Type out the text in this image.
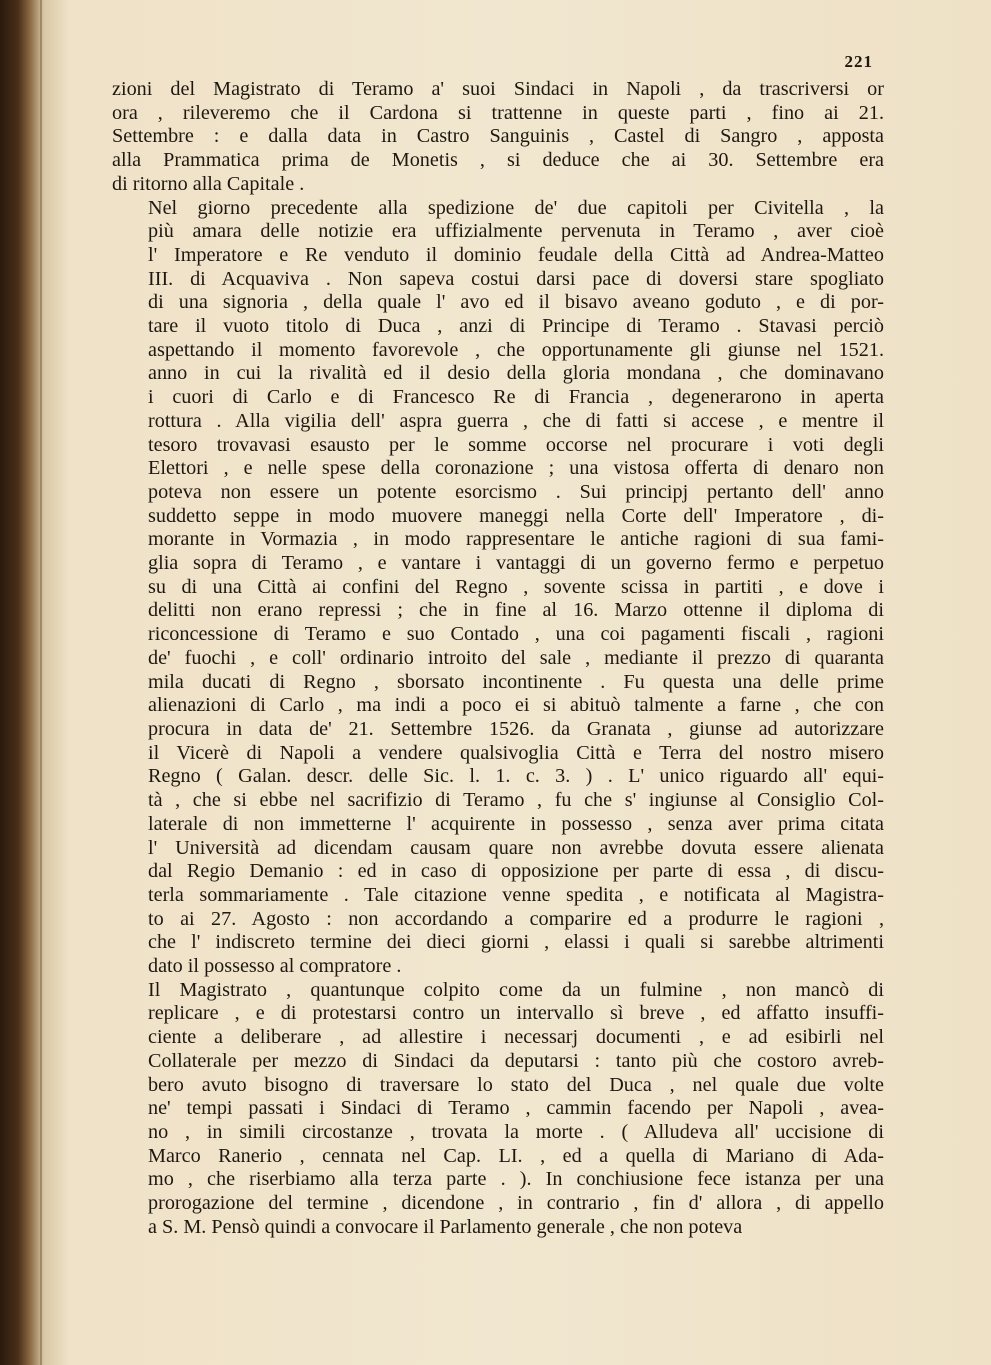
221

zioni del Magistrato di Teramo a' suoi Sindaci in Napoli , da trascriversi or
ora , rileveremo che il Cardona si trattenne in queste parti , fino ai 21.
Settembre : e dalla data in Castro Sanguinis , Castel di Sangro , apposta
alla Prammatica prima de Monetis , si deduce che ai 30. Settembre era
di ritorno alla Capitale .

Nel giorno precedente alla spedizione de' due capitoli per Civitella , la
più amara delle notizie era uffizialmente pervenuta in Teramo , aver cioè
l' Imperatore e Re venduto il dominio feudale della Città ad Andrea-Matteo
III. di Acquaviva . Non sapeva costui darsi pace di doversi stare spogliato
di una signoria , della quale l' avo ed il bisavo aveano goduto , e di por-
tare il vuoto titolo di Duca , anzi di Principe di Teramo . Stavasi perciò
aspettando il momento favorevole , che opportunamente gli giunse nel 1521.
anno in cui la rivalità ed il desio della gloria mondana , che dominavano
i cuori di Carlo e di Francesco Re di Francia , degenerarono in aperta
rottura . Alla vigilia dell' aspra guerra , che di fatti si accese , e mentre il
tesoro trovavasi esausto per le somme occorse nel procurare i voti degli
Elettori , e nelle spese della coronazione ; una vistosa offerta di denaro non
poteva non essere un potente esorcismo . Sui principj pertanto dell' anno
suddetto seppe in modo muovere maneggi nella Corte dell' Imperatore , di-
morante in Vormazia , in modo rappresentare le antiche ragioni di sua fami-
glia sopra di Teramo , e vantare i vantaggi di un governo fermo e perpetuo
su di una Città ai confini del Regno , sovente scissa in partiti , e dove i
delitti non erano repressi ; che in fine al 16. Marzo ottenne il diploma di
riconcessione di Teramo e suo Contado , una coi pagamenti fiscali , ragioni
de' fuochi , e coll' ordinario introito del sale , mediante il prezzo di quaranta
mila ducati di Regno , sborsato incontinente . Fu questa una delle prime
alienazioni di Carlo , ma indi a poco ei si abituò talmente a farne , che con
procura in data de' 21. Settembre 1526. da Granata , giunse ad autorizzare
il Vicerè di Napoli a vendere qualsivoglia Città e Terra del nostro misero
Regno ( Galan. descr. delle Sic. l. 1. c. 3. ) . L' unico riguardo all' equi-
tà , che si ebbe nel sacrifizio di Teramo , fu che s' ingiunse al Consiglio Col-
laterale di non immetterne l' acquirente in possesso , senza aver prima citata
l' Università ad dicendam causam quare non avrebbe dovuta essere alienata
dal Regio Demanio : ed in caso di opposizione per parte di essa , di discu-
terla sommariamente . Tale citazione venne spedita , e notificata al Magistra-
to ai 27. Agosto : non accordando a comparire ed a produrre le ragioni ,
che l' indiscreto termine dei dieci giorni , elassi i quali si sarebbe altrimenti
dato il possesso al compratore .

Il Magistrato , quantunque colpito come da un fulmine , non mancò di
replicare , e di protestarsi contro un intervallo sì breve , ed affatto insuffi-
ciente a deliberare , ad allestire i necessarj documenti , e ad esibirli nel
Collaterale per mezzo di Sindaci da deputarsi : tanto più che costoro avreb-
bero avuto bisogno di traversare lo stato del Duca , nel quale due volte
ne' tempi passati i Sindaci di Teramo , cammin facendo per Napoli , avea-
no , in simili circostanze , trovata la morte . ( Alludeva all' uccisione di
Marco Ranerio , cennata nel Cap. LI. , ed a quella di Mariano di Ada-
mo , che riserbiamo alla terza parte . ). In conchiusione fece istanza per una
prorogazione del termine , dicendone , in contrario , fin d' allora , di appello
a S. M. Pensò quindi a convocare il Parlamento generale , che non poteva
